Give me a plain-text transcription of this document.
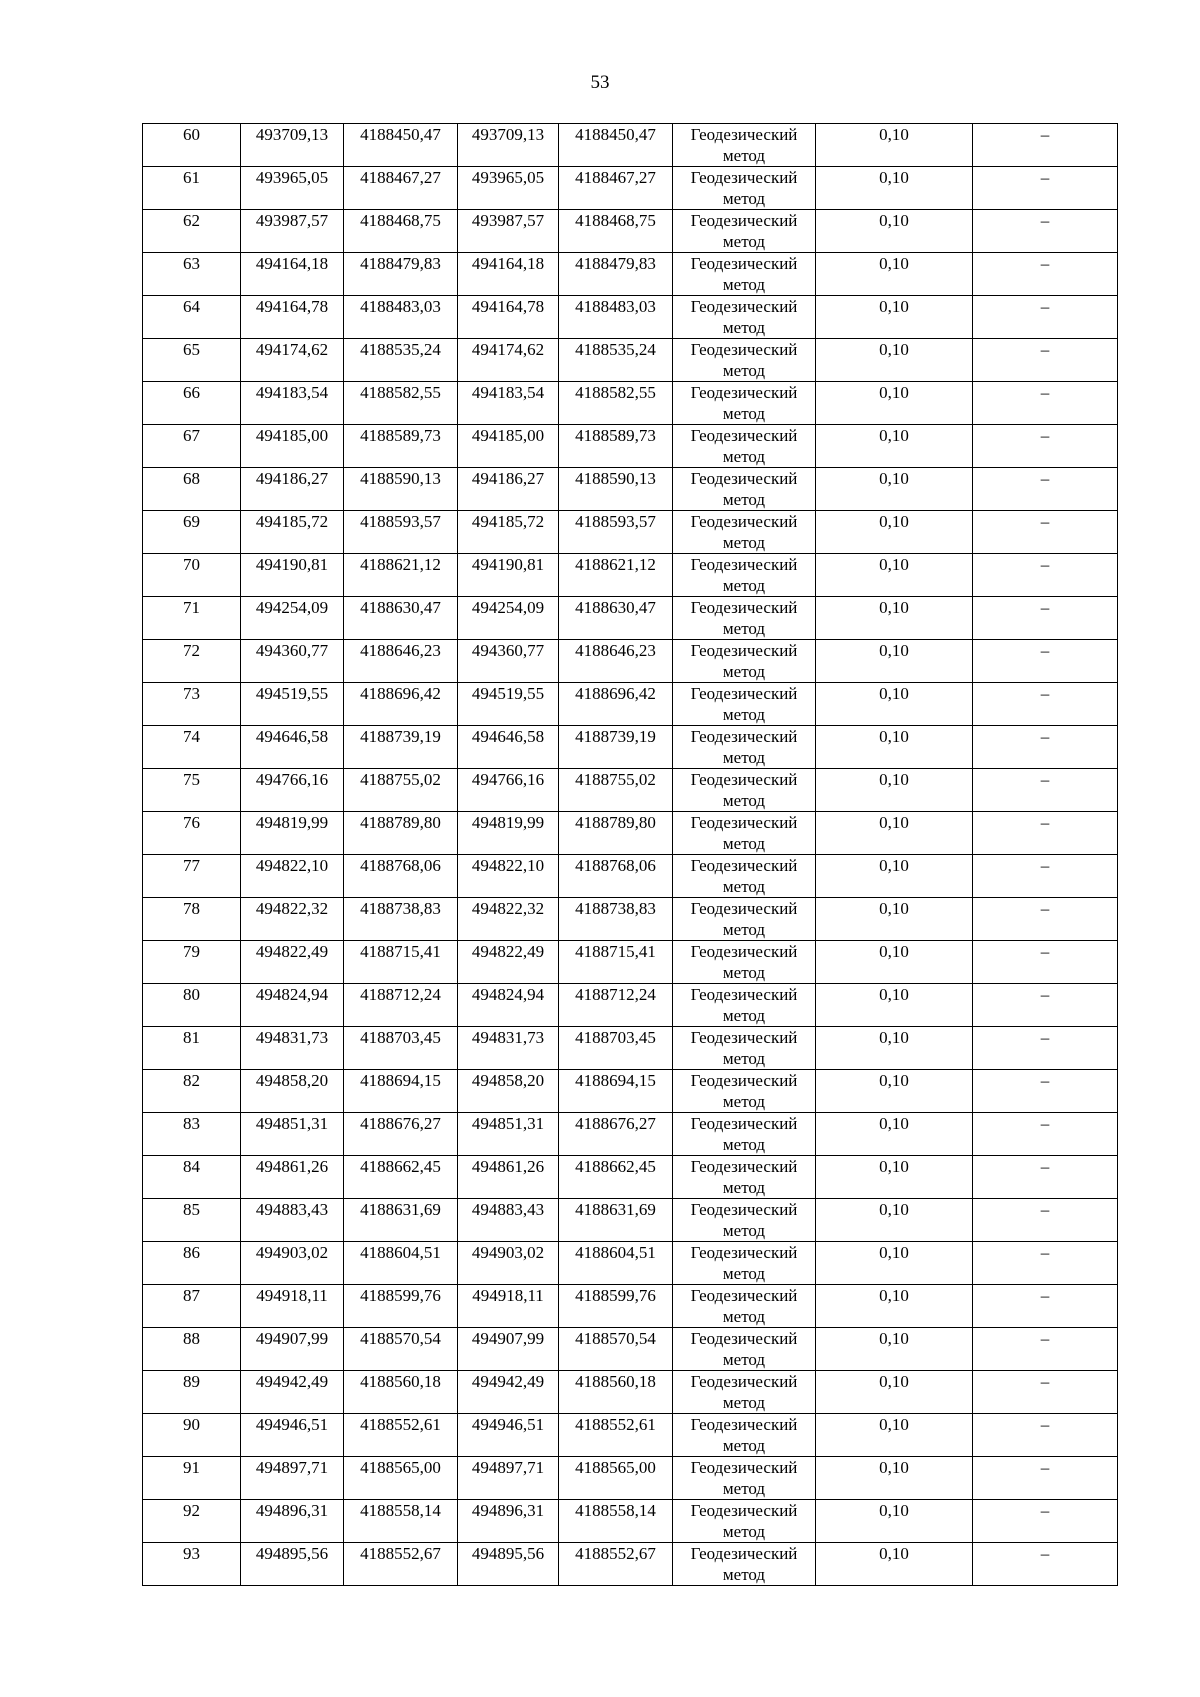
53
60	493709,13	4188450,47	493709,13	4188450,47	Геодезический
метод	0,10	–

61	493965,05	4188467,27	493965,05	4188467,27	Геодезический
метод	0,10	–

62	493987,57	4188468,75	493987,57	4188468,75	Геодезический
метод	0,10	–

63	494164,18	4188479,83	494164,18	4188479,83	Геодезический
метод	0,10	–

64	494164,78	4188483,03	494164,78	4188483,03	Геодезический
метод	0,10	–

65	494174,62	4188535,24	494174,62	4188535,24	Геодезический
метод	0,10	–

66	494183,54	4188582,55	494183,54	4188582,55	Геодезический
метод	0,10	–

67	494185,00	4188589,73	494185,00	4188589,73	Геодезический
метод	0,10	–

68	494186,27	4188590,13	494186,27	4188590,13	Геодезический
метод	0,10	–

69	494185,72	4188593,57	494185,72	4188593,57	Геодезический
метод	0,10	–

70	494190,81	4188621,12	494190,81	4188621,12	Геодезический
метод	0,10	–

71	494254,09	4188630,47	494254,09	4188630,47	Геодезический
метод	0,10	–

72	494360,77	4188646,23	494360,77	4188646,23	Геодезический
метод	0,10	–

73	494519,55	4188696,42	494519,55	4188696,42	Геодезический
метод	0,10	–

74	494646,58	4188739,19	494646,58	4188739,19	Геодезический
метод	0,10	–

75	494766,16	4188755,02	494766,16	4188755,02	Геодезический
метод	0,10	–

76	494819,99	4188789,80	494819,99	4188789,80	Геодезический
метод	0,10	–

77	494822,10	4188768,06	494822,10	4188768,06	Геодезический
метод	0,10	–

78	494822,32	4188738,83	494822,32	4188738,83	Геодезический
метод	0,10	–

79	494822,49	4188715,41	494822,49	4188715,41	Геодезический
метод	0,10	–

80	494824,94	4188712,24	494824,94	4188712,24	Геодезический
метод	0,10	–

81	494831,73	4188703,45	494831,73	4188703,45	Геодезический
метод	0,10	–

82	494858,20	4188694,15	494858,20	4188694,15	Геодезический
метод	0,10	–

83	494851,31	4188676,27	494851,31	4188676,27	Геодезический
метод	0,10	–

84	494861,26	4188662,45	494861,26	4188662,45	Геодезический
метод	0,10	–

85	494883,43	4188631,69	494883,43	4188631,69	Геодезический
метод	0,10	–

86	494903,02	4188604,51	494903,02	4188604,51	Геодезический
метод	0,10	–

87	494918,11	4188599,76	494918,11	4188599,76	Геодезический
метод	0,10	–

88	494907,99	4188570,54	494907,99	4188570,54	Геодезический
метод	0,10	–

89	494942,49	4188560,18	494942,49	4188560,18	Геодезический
метод	0,10	–

90	494946,51	4188552,61	494946,51	4188552,61	Геодезический
метод	0,10	–

91	494897,71	4188565,00	494897,71	4188565,00	Геодезический
метод	0,10	–

92	494896,31	4188558,14	494896,31	4188558,14	Геодезический
метод	0,10	–

93	494895,56	4188552,67	494895,56	4188552,67	Геодезический
метод	0,10	–
